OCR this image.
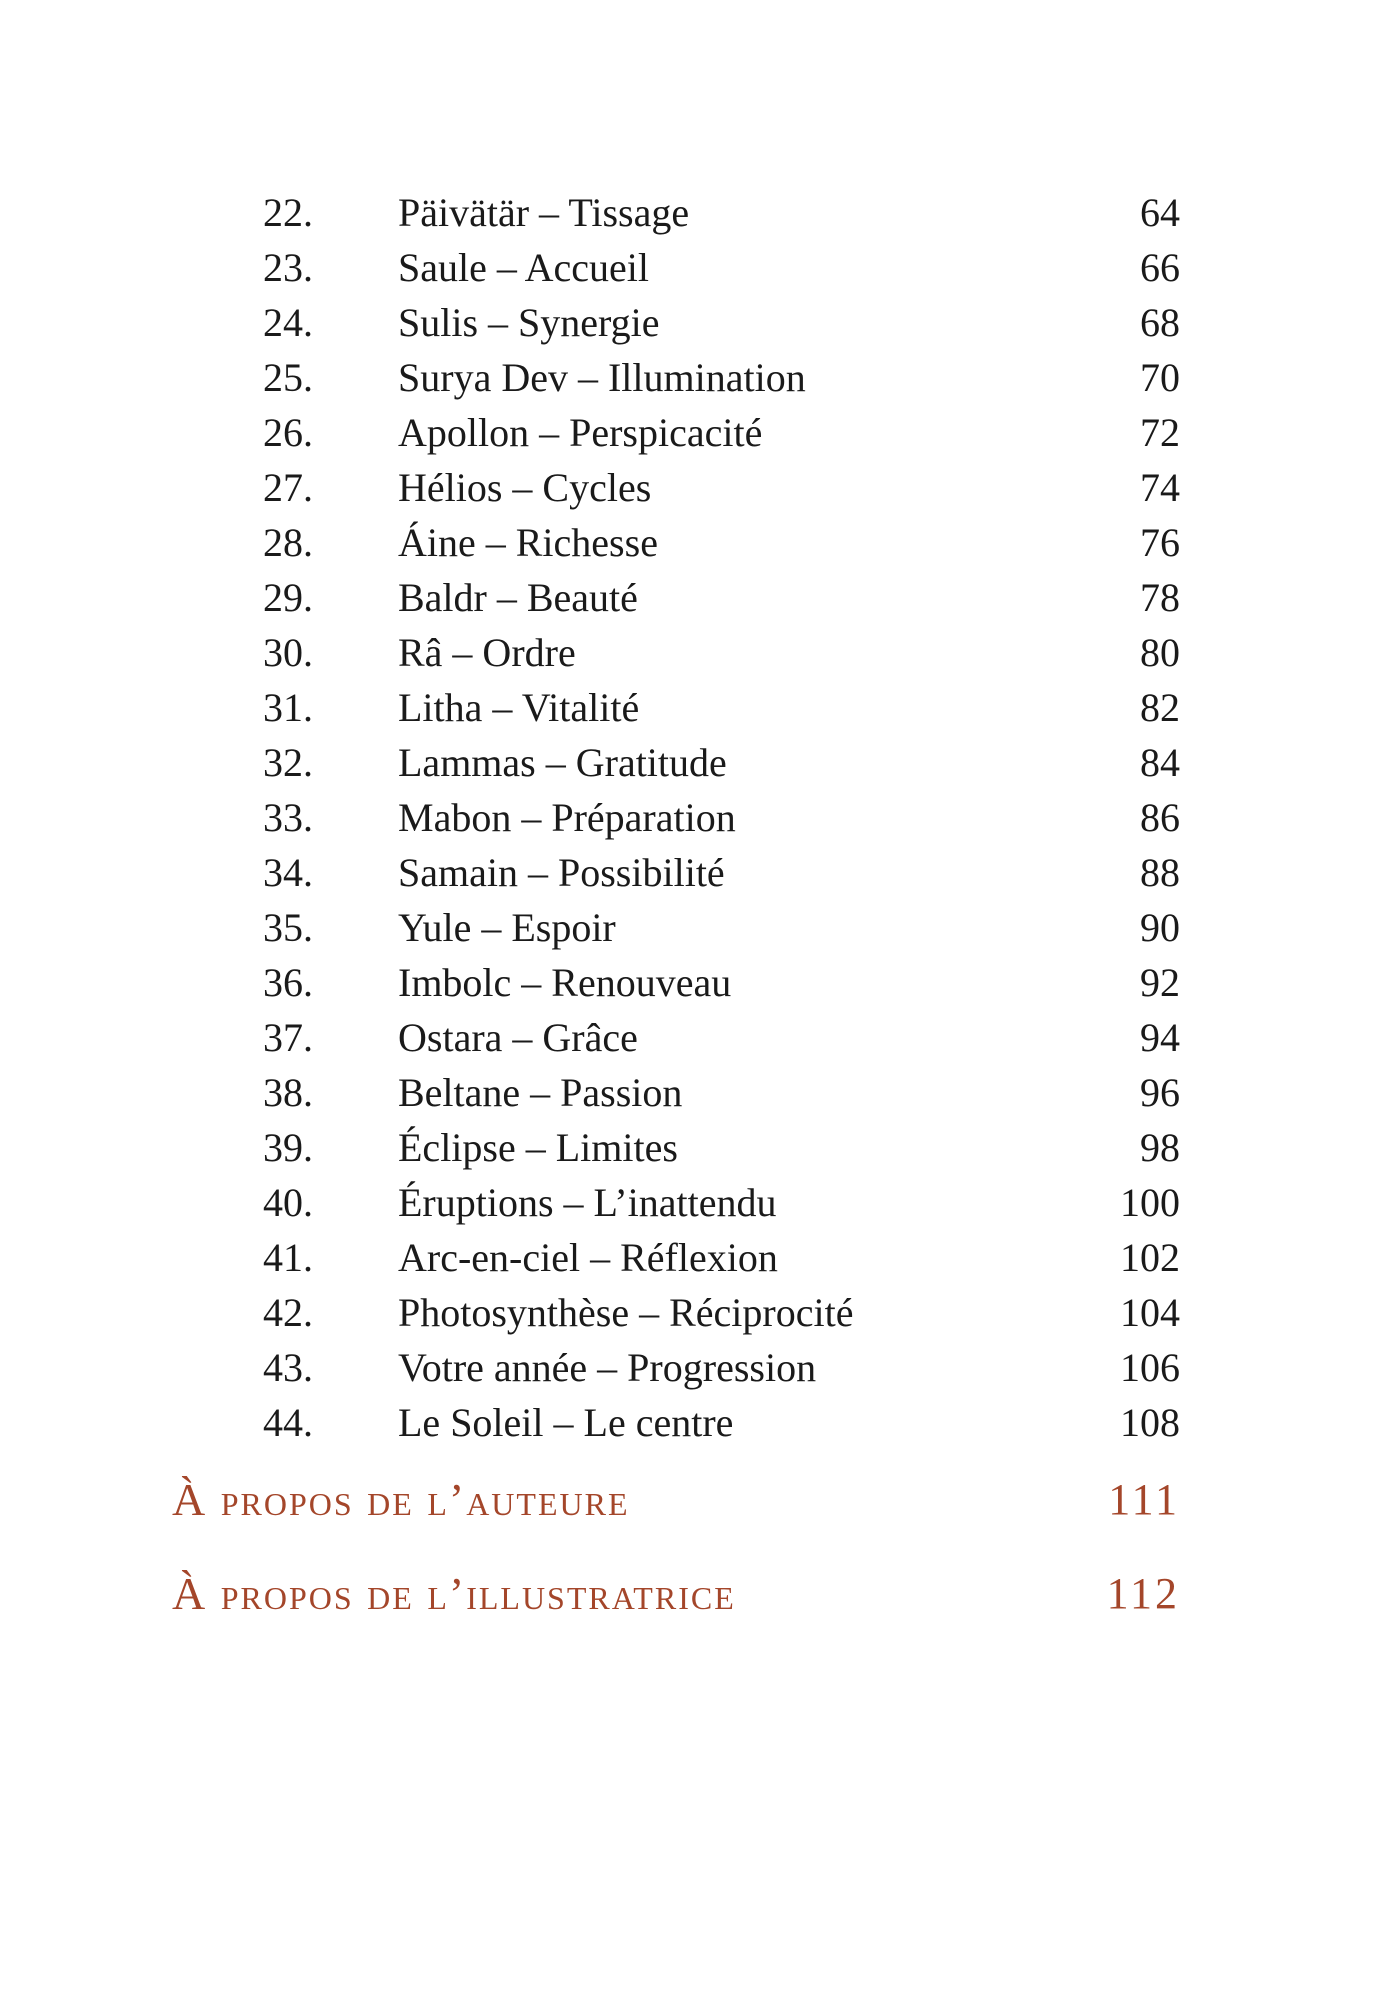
22. Päivätär – Tissage	64
23. Saule – Accueil	66
24. Sulis – Synergie	68
25. Surya Dev – Illumination	70
26. Apollon – Perspicacité	72
27. Hélios – Cycles	74
28. Áine – Richesse	76
29. Baldr – Beauté	78
30. Râ – Ordre	80
31. Litha – Vitalité	82
32. Lammas – Gratitude	84
33. Mabon – Préparation	86
34. Samain – Possibilité	88
35. Yule – Espoir	90
36. Imbolc – Renouveau	92
37. Ostara – Grâce	94
38. Beltane – Passion	96
39. Éclipse – Limites	98
40. Éruptions – L’inattendu	100
41. Arc-en-ciel – Réflexion	102
42. Photosynthèse – Réciprocité	104
43. Votre année – Progression	106
44. Le Soleil – Le centre	108
À propos de l’auteure	111
À propos de l’illustratrice	112
